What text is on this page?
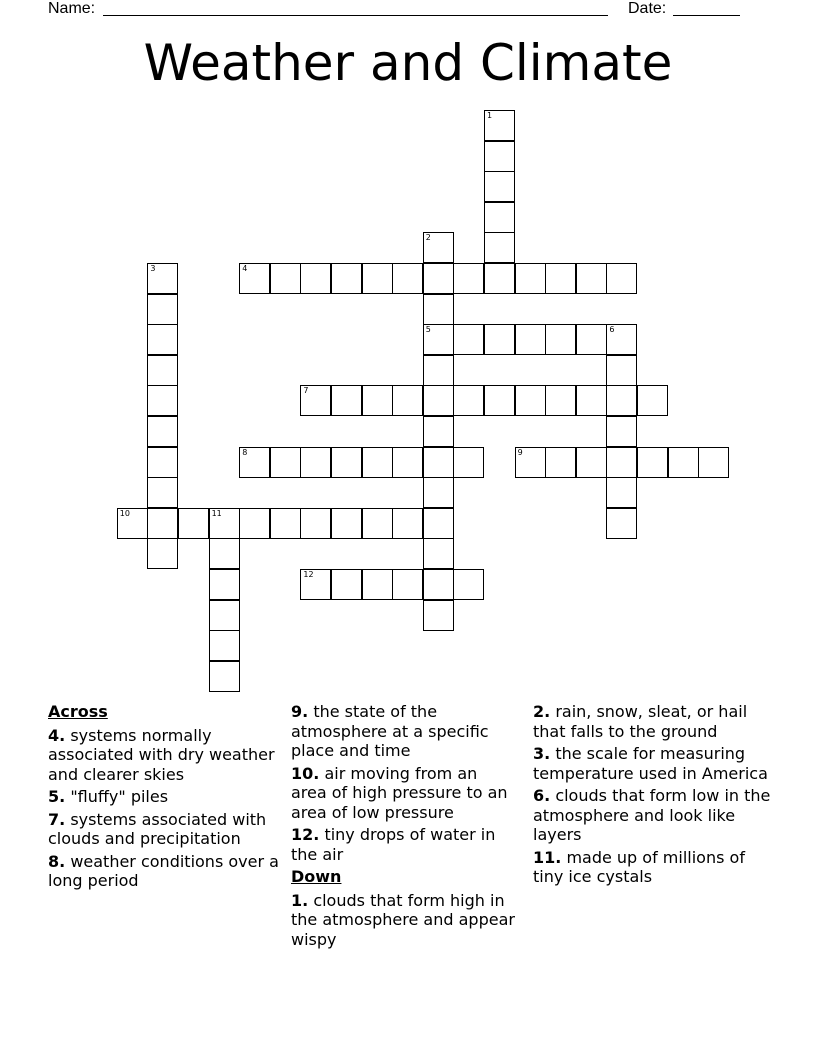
Name:	Date:
Weather and Climate
1
2
3	4
5	6
7
8	9
10	11
12
Across
4. systems normally associated with dry weather and clearer skies
5. "fluffy" piles
7. systems associated with clouds and precipitation
8. weather conditions over a long period
9. the state of the atmosphere at a specific place and time
10. air moving from an area of high pressure to an area of low pressure
12. tiny drops of water in the air
Down
1. clouds that form high in the atmosphere and appear wispy
2. rain, snow, sleat, or hail that falls to the ground
3. the scale for measuring temperature used in America
6. clouds that form low in the atmosphere and look like layers
11. made up of millions of tiny ice cystals
